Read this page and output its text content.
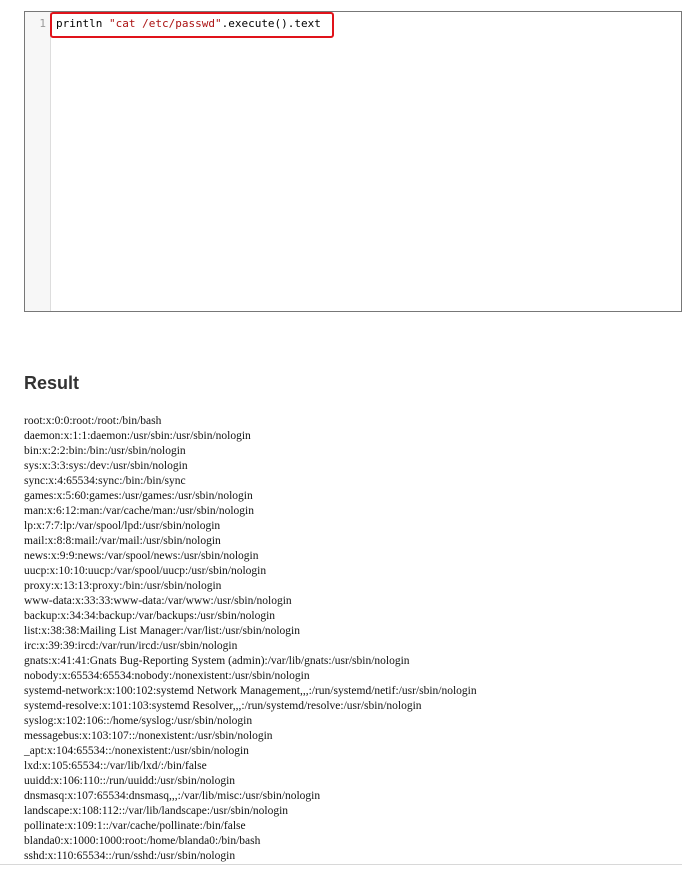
1 println "cat /etc/passwd".execute().text
Result
root:x:0:0:root:/root:/bin/bash
daemon:x:1:1:daemon:/usr/sbin:/usr/sbin/nologin
bin:x:2:2:bin:/bin:/usr/sbin/nologin
sys:x:3:3:sys:/dev:/usr/sbin/nologin
sync:x:4:65534:sync:/bin:/bin/sync
games:x:5:60:games:/usr/games:/usr/sbin/nologin
man:x:6:12:man:/var/cache/man:/usr/sbin/nologin
lp:x:7:7:lp:/var/spool/lpd:/usr/sbin/nologin
mail:x:8:8:mail:/var/mail:/usr/sbin/nologin
news:x:9:9:news:/var/spool/news:/usr/sbin/nologin
uucp:x:10:10:uucp:/var/spool/uucp:/usr/sbin/nologin
proxy:x:13:13:proxy:/bin:/usr/sbin/nologin
www-data:x:33:33:www-data:/var/www:/usr/sbin/nologin
backup:x:34:34:backup:/var/backups:/usr/sbin/nologin
list:x:38:38:Mailing List Manager:/var/list:/usr/sbin/nologin
irc:x:39:39:ircd:/var/run/ircd:/usr/sbin/nologin
gnats:x:41:41:Gnats Bug-Reporting System (admin):/var/lib/gnats:/usr/sbin/nologin
nobody:x:65534:65534:nobody:/nonexistent:/usr/sbin/nologin
systemd-network:x:100:102:systemd Network Management,,,:/run/systemd/netif:/usr/sbin/nologin
systemd-resolve:x:101:103:systemd Resolver,,,:/run/systemd/resolve:/usr/sbin/nologin
syslog:x:102:106::/home/syslog:/usr/sbin/nologin
messagebus:x:103:107::/nonexistent:/usr/sbin/nologin
_apt:x:104:65534::/nonexistent:/usr/sbin/nologin
lxd:x:105:65534::/var/lib/lxd/:/bin/false
uuidd:x:106:110::/run/uuidd:/usr/sbin/nologin
dnsmasq:x:107:65534:dnsmasq,,,:/var/lib/misc:/usr/sbin/nologin
landscape:x:108:112::/var/lib/landscape:/usr/sbin/nologin
pollinate:x:109:1::/var/cache/pollinate:/bin/false
blanda0:x:1000:1000:root:/home/blanda0:/bin/bash
sshd:x:110:65534::/run/sshd:/usr/sbin/nologin
